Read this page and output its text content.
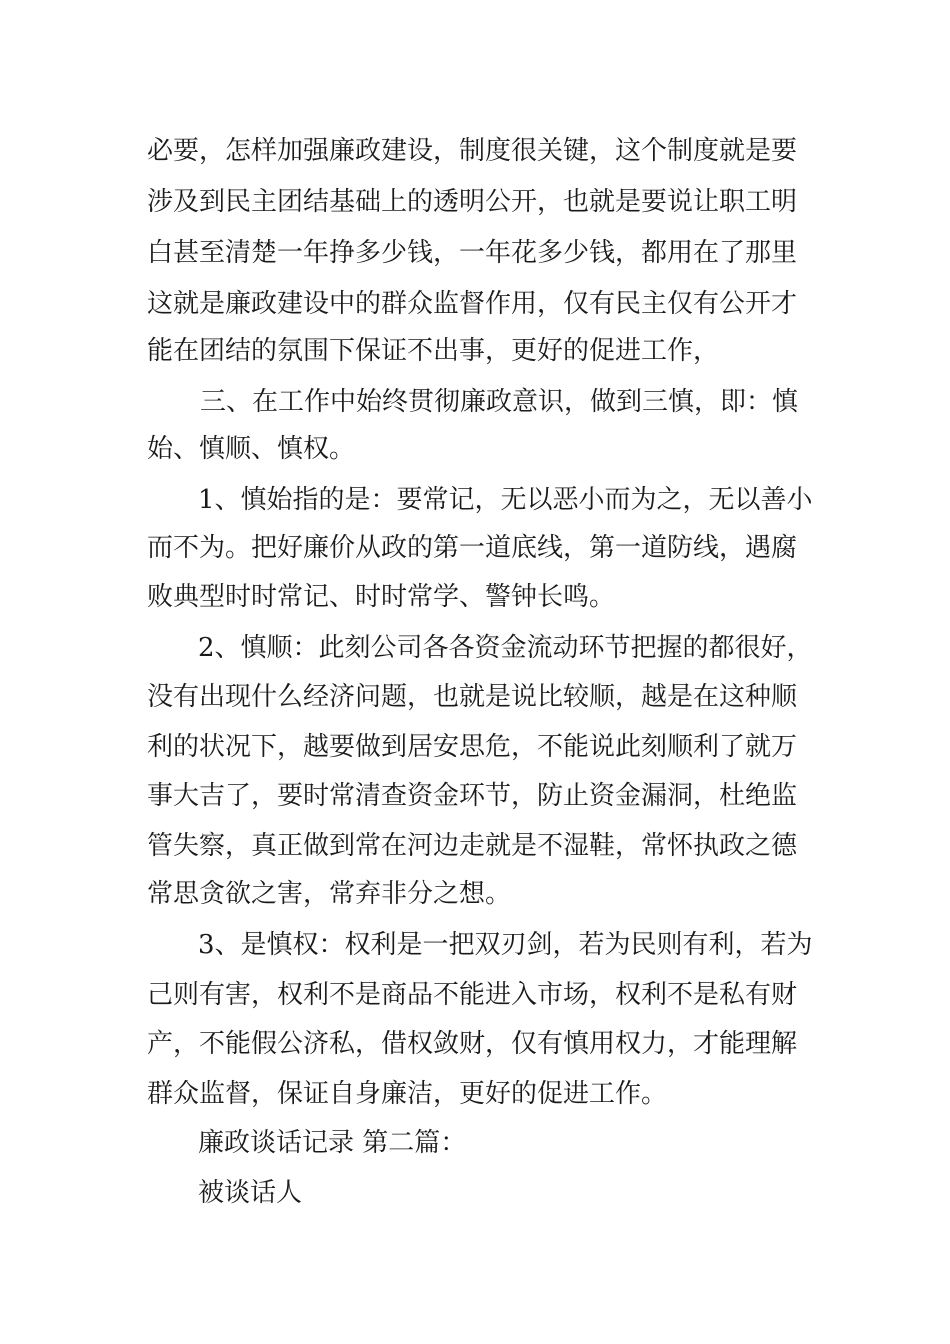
必要，怎样加强廉政建设，制度很关键，这个制度就是要
涉及到民主团结基础上的透明公开，也就是要说让职工明
白甚至清楚一年挣多少钱，一年花多少钱，都用在了那里
这就是廉政建设中的群众监督作用，仅有民主仅有公开才
能在团结的氛围下保证不出事，更好的促进工作，
三、在工作中始终贯彻廉政意识，做到三慎，即：慎
始、慎顺、慎权。
1、慎始指的是：要常记，无以恶小而为之，无以善小
而不为。把好廉价从政的第一道底线，第一道防线，遇腐
败典型时时常记、时时常学、警钟长鸣。
2、慎顺：此刻公司各各资金流动环节把握的都很好，
没有出现什么经济问题，也就是说比较顺，越是在这种顺
利的状况下，越要做到居安思危，不能说此刻顺利了就万
事大吉了，要时常清查资金环节，防止资金漏洞，杜绝监
管失察，真正做到常在河边走就是不湿鞋，常怀执政之德
常思贪欲之害，常弃非分之想。
3、是慎权：权利是一把双刃剑，若为民则有利，若为
己则有害，权利不是商品不能进入市场，权利不是私有财
产，不能假公济私，借权敛财，仅有慎用权力，才能理解
群众监督，保证自身廉洁，更好的促进工作。
廉政谈话记录 第二篇：
被谈话人
